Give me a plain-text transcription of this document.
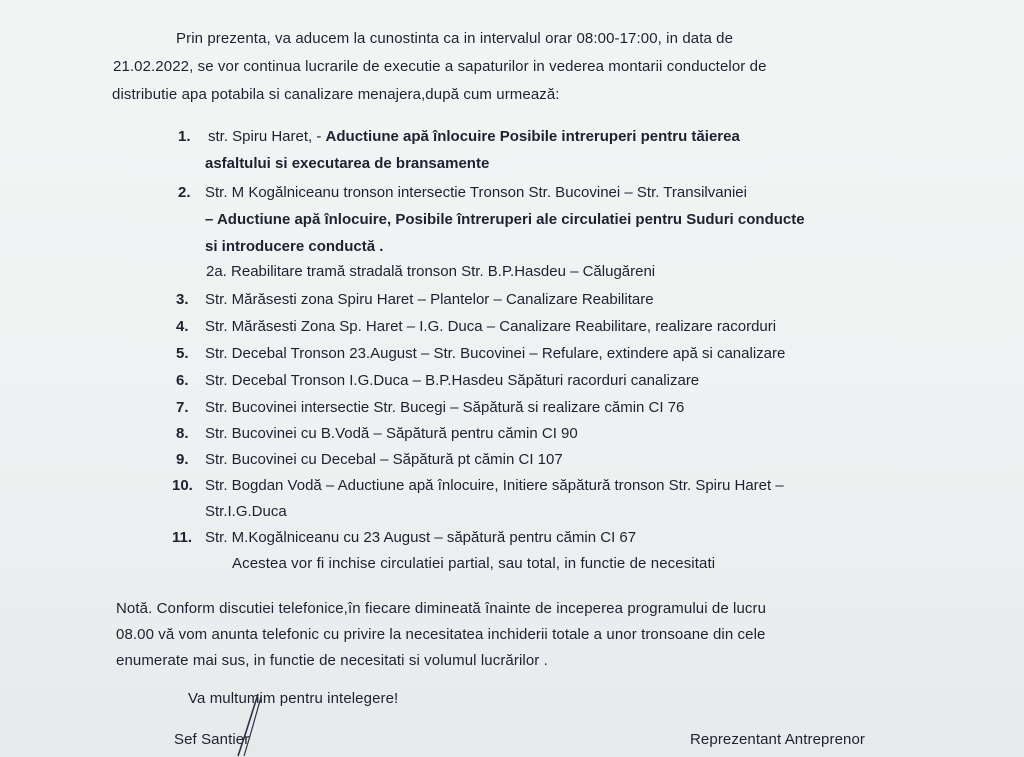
Prin prezenta, va aducem la cunostinta ca in intervalul orar 08:00-17:00, in data de
21.02.2022, se vor continua lucrarile de executie a sapaturilor in vederea montarii conductelor de
distributie apa potabila si canalizare menajera,după cum urmează:
1. str. Spiru Haret, - Aductiune apă înlocuire Posibile intreruperi pentru tăierea
asfaltului si executarea de bransamente
2. Str. M Kogălniceanu tronson intersectie Tronson Str. Bucovinei – Str. Transilvaniei
– Aductiune apă înlocuire, Posibile întreruperi ale circulatiei pentru Suduri conducte
si introducere conductă .
2a. Reabilitare tramă stradală tronson Str. B.P.Hasdeu – Călugăreni
3. Str. Mărăsesti zona Spiru Haret – Plantelor – Canalizare Reabilitare
4. Str. Mărăsesti Zona Sp. Haret – I.G. Duca – Canalizare Reabilitare, realizare racorduri
5. Str. Decebal Tronson 23.August – Str. Bucovinei – Refulare, extindere apă si canalizare
6. Str. Decebal Tronson I.G.Duca – B.P.Hasdeu Săpături racorduri canalizare
7. Str. Bucovinei intersectie Str. Bucegi – Săpătură si realizare cămin CI 76
8. Str. Bucovinei cu B.Vodă – Săpătură pentru cămin CI 90
9. Str. Bucovinei cu Decebal – Săpătură pt cămin CI 107
10. Str. Bogdan Vodă – Aductiune apă înlocuire, Initiere săpătură tronson Str. Spiru Haret –
Str.I.G.Duca
11. Str. M.Kogălniceanu cu 23 August – săpătură pentru cămin CI 67
Acestea vor fi inchise circulatiei partial, sau total, in functie de necesitati
Notă. Conform discutiei telefonice,în fiecare dimineată înainte de inceperea programului de lucru
08.00 vă vom anunta telefonic cu privire la necesitatea inchiderii totale a unor tronsoane din cele
enumerate mai sus, in functie de necesitati si volumul lucrărilor .
Va multumim pentru intelegere!
Sef Santier	Reprezentant Antreprenor
